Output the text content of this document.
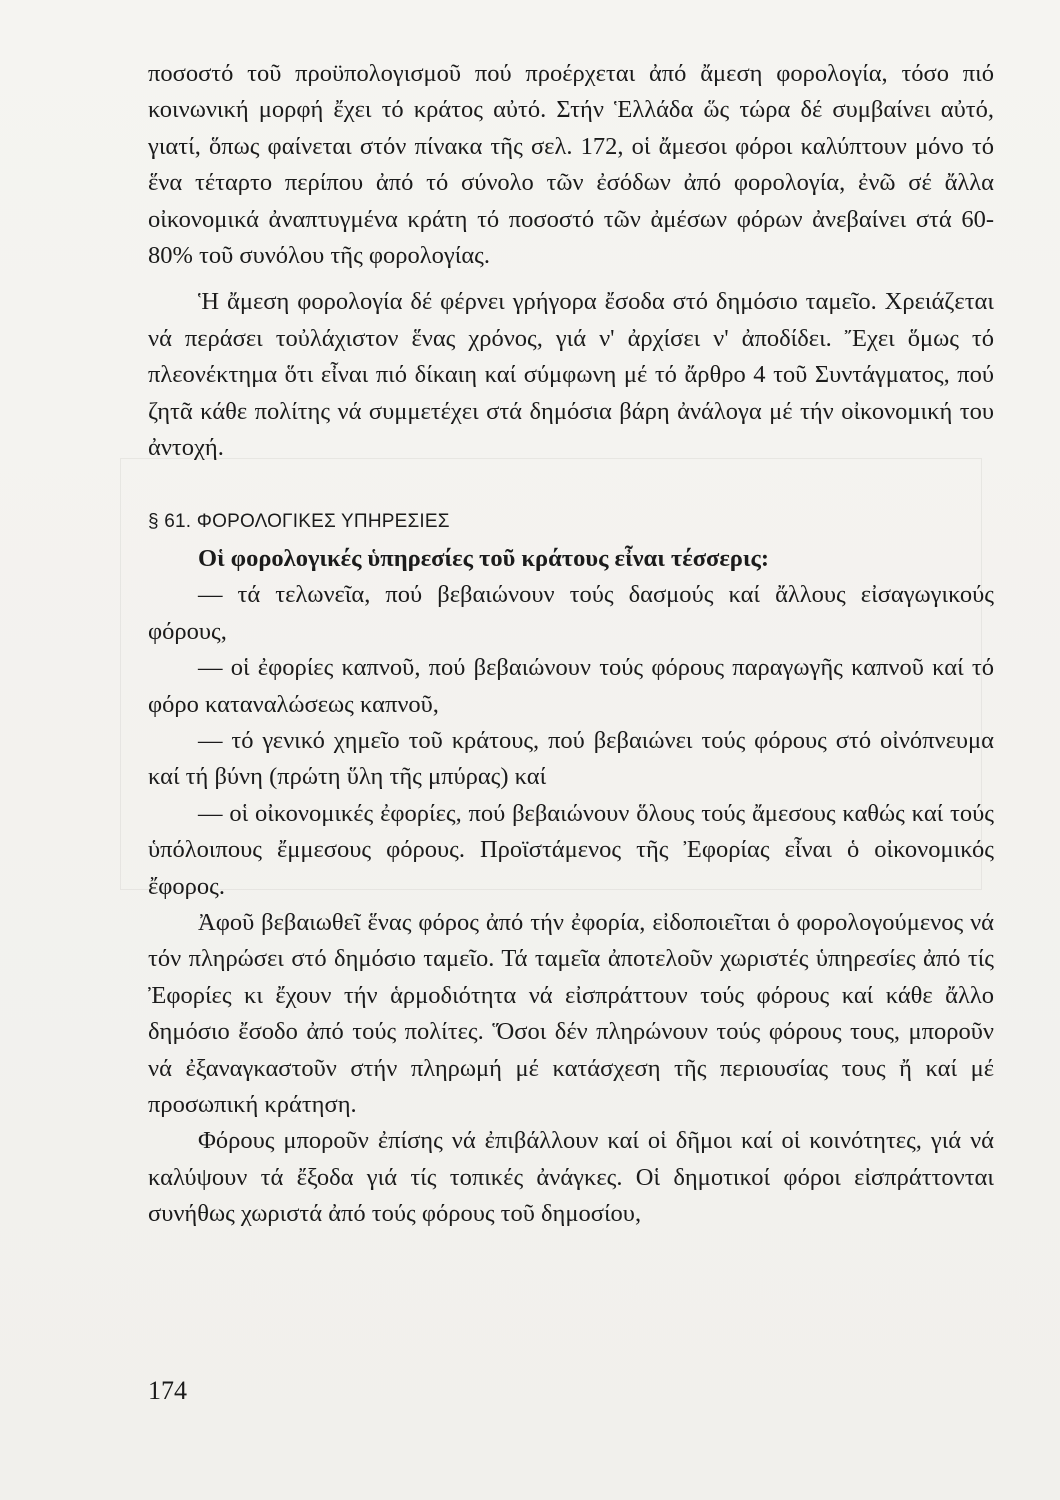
ποσοστό τοῦ προϋπολογισμοῦ πού προέρχεται ἀπό ἄμεση φορολογία, τόσο πιό κοινωνική μορφή ἔχει τό κράτος αὐτό. Στήν Ἑλλάδα ὥς τώρα δέ συμβαίνει αὐτό, γιατί, ὅπως φαίνεται στόν πίνακα τῆς σελ. 172, οἱ ἄμεσοι φόροι καλύπτουν μόνο τό ἕνα τέταρτο περίπου ἀπό τό σύνολο τῶν ἐσόδων ἀπό φορολογία, ἐνῶ σέ ἄλλα οἰκονομικά ἀναπτυγμένα κράτη τό ποσοστό τῶν ἀμέσων φόρων ἀνεβαίνει στά 60-80% τοῦ συνόλου τῆς φορολογίας.

Ἡ ἄμεση φορολογία δέ φέρνει γρήγορα ἔσοδα στό δημόσιο ταμεῖο. Χρειάζεται νά περάσει τοὐλάχιστον ἕνας χρόνος, γιά ν' ἀρχίσει ν' ἀποδίδει. Ἔχει ὅμως τό πλεονέκτημα ὅτι εἶναι πιό δίκαιη καί σύμφωνη μέ τό ἄρθρο 4 τοῦ Συντάγματος, πού ζητᾶ κάθε πολίτης νά συμμετέχει στά δημόσια βάρη ἀνάλογα μέ τήν οἰκονομική του ἀντοχή.

§ 61. ΦΟΡΟΛΟΓΙΚΕΣ ΥΠΗΡΕΣΙΕΣ

Οἱ φορολογικές ὑπηρεσίες τοῦ κράτους εἶναι τέσσερις:

— τά τελωνεῖα, πού βεβαιώνουν τούς δασμούς καί ἄλλους εἰσαγωγικούς φόρους,

— οἱ ἐφορίες καπνοῦ, πού βεβαιώνουν τούς φόρους παραγωγῆς καπνοῦ καί τό φόρο καταναλώσεως καπνοῦ,

— τό γενικό χημεῖο τοῦ κράτους, πού βεβαιώνει τούς φόρους στό οἰνόπνευμα καί τή βύνη (πρώτη ὕλη τῆς μπύρας) καί

— οἱ οἰκονομικές ἐφορίες, πού βεβαιώνουν ὅλους τούς ἄμεσους καθώς καί τούς ὑπόλοιπους ἔμμεσους φόρους. Προϊστάμενος τῆς Ἐφορίας εἶναι ὁ οἰκονομικός ἔφορος.

Ἀφοῦ βεβαιωθεῖ ἕνας φόρος ἀπό τήν ἐφορία, εἰδοποιεῖται ὁ φορολογούμενος νά τόν πληρώσει στό δημόσιο ταμεῖο. Τά ταμεῖα ἀποτελοῦν χωριστές ὑπηρεσίες ἀπό τίς Ἐφορίες κι ἔχουν τήν ἁρμοδιότητα νά εἰσπράττουν τούς φόρους καί κάθε ἄλλο δημόσιο ἔσοδο ἀπό τούς πολίτες. Ὅσοι δέν πληρώνουν τούς φόρους τους, μποροῦν νά ἐξαναγκαστοῦν στήν πληρωμή μέ κατάσχεση τῆς περιουσίας τους ἤ καί μέ προσωπική κράτηση.

Φόρους μποροῦν ἐπίσης νά ἐπιβάλλουν καί οἱ δῆμοι καί οἱ κοινότητες, γιά νά καλύψουν τά ἔξοδα γιά τίς τοπικές ἀνάγκες. Οἱ δημοτικοί φόροι εἰσπράττονται συνήθως χωριστά ἀπό τούς φόρους τοῦ δημοσίου,

174
